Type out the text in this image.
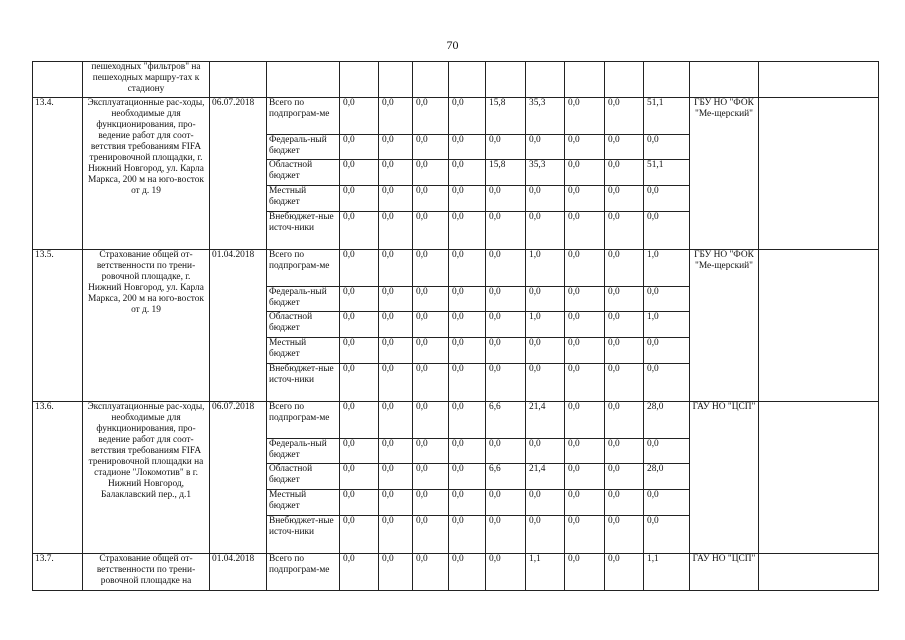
70
	пешеходных "фильтров" на пешеходных маршру-тах к стадиону													
13.4.	Эксплуатационные рас-ходы, необходимые для функционирования, про-ведение работ для соот-ветствия требованиям FIFA тренировочной площадки, г. Нижний Новгород, ул. Карла Маркса, 200 м на юго-восток от д. 19	06.07.2018	Всего по подпрограм-ме	0,0	0,0	0,0	0,0	15,8	35,3	0,0	0,0	51,1	ГБУ НО "ФОК "Ме-щерский"	
			Федераль-ный бюджет	0,0	0,0	0,0	0,0	0,0	0,0	0,0	0,0	0,0		
			Областной бюджет	0,0	0,0	0,0	0,0	15,8	35,3	0,0	0,0	51,1		
			Местный бюджет	0,0	0,0	0,0	0,0	0,0	0,0	0,0	0,0	0,0		
			Внебюджет-ные источ-ники	0,0	0,0	0,0	0,0	0,0	0,0	0,0	0,0	0,0		
13.5.	Страхование общей от-ветственности по трени-ровочной площадке, г. Нижний Новгород, ул. Карла Маркса, 200 м на юго-восток от д. 19	01.04.2018	Всего по подпрограм-ме	0,0	0,0	0,0	0,0	0,0	1,0	0,0	0,0	1,0	ГБУ НО "ФОК "Ме-щерский"	
			Федераль-ный бюджет	0,0	0,0	0,0	0,0	0,0	0,0	0,0	0,0	0,0		
			Областной бюджет	0,0	0,0	0,0	0,0	0,0	1,0	0,0	0,0	1,0		
			Местный бюджет	0,0	0,0	0,0	0,0	0,0	0,0	0,0	0,0	0,0		
			Внебюджет-ные источ-ники	0,0	0,0	0,0	0,0	0,0	0,0	0,0	0,0	0,0		
13.6.	Эксплуатационные рас-ходы, необходимые для функционирования, про-ведение работ для соот-ветствия требованиям FIFA тренировочной площадки на стадионе "Локомотив" в г. Нижний Новгород, Балаклавский пер., д.1	06.07.2018	Всего по подпрограм-ме	0,0	0,0	0,0	0,0	6,6	21,4	0,0	0,0	28,0	ГАУ НО "ЦСП"	
			Федераль-ный бюджет	0,0	0,0	0,0	0,0	0,0	0,0	0,0	0,0	0,0		
			Областной бюджет	0,0	0,0	0,0	0,0	6,6	21,4	0,0	0,0	28,0		
			Местный бюджет	0,0	0,0	0,0	0,0	0,0	0,0	0,0	0,0	0,0		
			Внебюджет-ные источ-ники	0,0	0,0	0,0	0,0	0,0	0,0	0,0	0,0	0,0		
13.7.	Страхование общей от-ветственности по трени-ровочной площадке на	01.04.2018	Всего по подпрограм-ме	0,0	0,0	0,0	0,0	0,0	1,1	0,0	0,0	1,1	ГАУ НО "ЦСП"	
